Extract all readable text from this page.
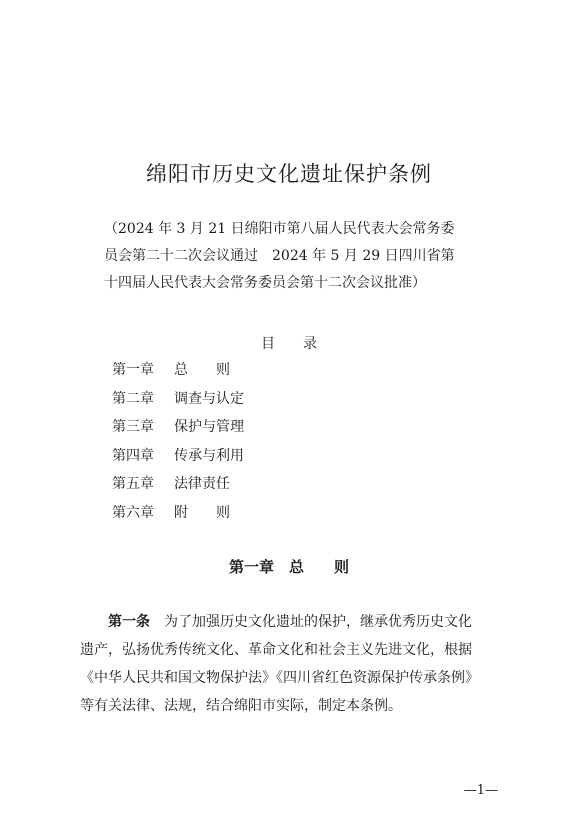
绵阳市历史文化遗址保护条例
（2024 年 3 月 21 日绵阳市第八届人民代表大会常务委
员会第二十二次会议通过　2024 年 5 月 29 日四川省第
十四届人民代表大会常务委员会第十二次会议批准）
目　　录
第一章 总　　则
第二章 调查与认定
第三章 保护与管理
第四章 传承与利用
第五章 法律责任
第六章 附　　则
第一章　总　　则
第一条　为了加强历史文化遗址的保护，继承优秀历史文化
遗产，弘扬优秀传统文化、革命文化和社会主义先进文化，根据
《中华人民共和国文物保护法》《四川省红色资源保护传承条例》
等有关法律、法规，结合绵阳市实际，制定本条例。
—1—
